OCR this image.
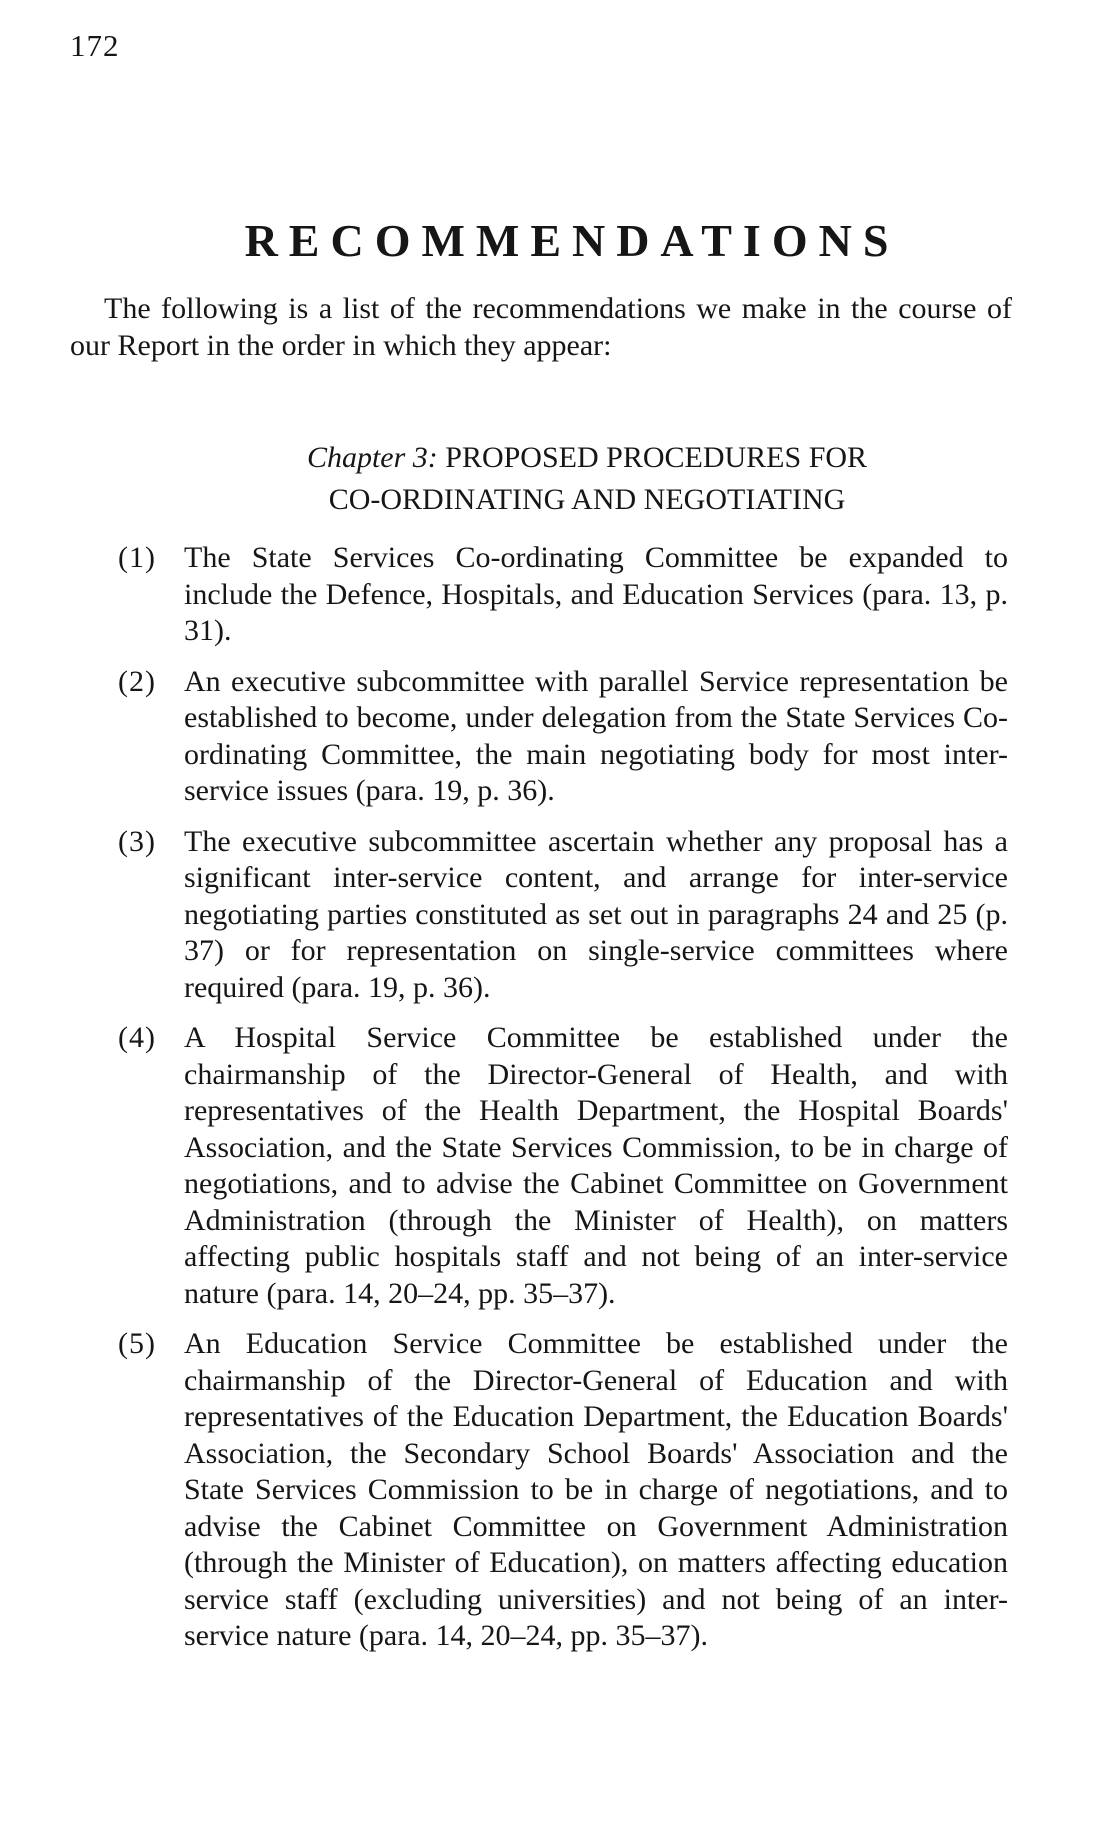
172
RECOMMENDATIONS

The following is a list of the recommendations we make in the course of our Report in the order in which they appear:

Chapter 3: PROPOSED PROCEDURES FOR
CO-ORDINATING AND NEGOTIATING
(1) The State Services Co-ordinating Committee be expanded to include the Defence, Hospitals, and Education Services (para. 13, p. 31).
(2) An executive subcommittee with parallel Service representation be established to become, under delegation from the State Services Co-ordinating Committee, the main negotiating body for most inter-service issues (para. 19, p. 36).
(3) The executive subcommittee ascertain whether any proposal has a significant inter-service content, and arrange for inter-service negotiating parties constituted as set out in paragraphs 24 and 25 (p. 37) or for representation on single-service committees where required (para. 19, p. 36).
(4) A Hospital Service Committee be established under the chairmanship of the Director-General of Health, and with representatives of the Health Department, the Hospital Boards' Association, and the State Services Commission, to be in charge of negotiations, and to advise the Cabinet Committee on Government Administration (through the Minister of Health), on matters affecting public hospitals staff and not being of an inter-service nature (para. 14, 20–24, pp. 35–37).
(5) An Education Service Committee be established under the chairmanship of the Director-General of Education and with representatives of the Education Department, the Education Boards' Association, the Secondary School Boards' Association and the State Services Commission to be in charge of negotiations, and to advise the Cabinet Committee on Government Administration (through the Minister of Education), on matters affecting education service staff (excluding universities) and not being of an inter-service nature (para. 14, 20–24, pp. 35–37).
